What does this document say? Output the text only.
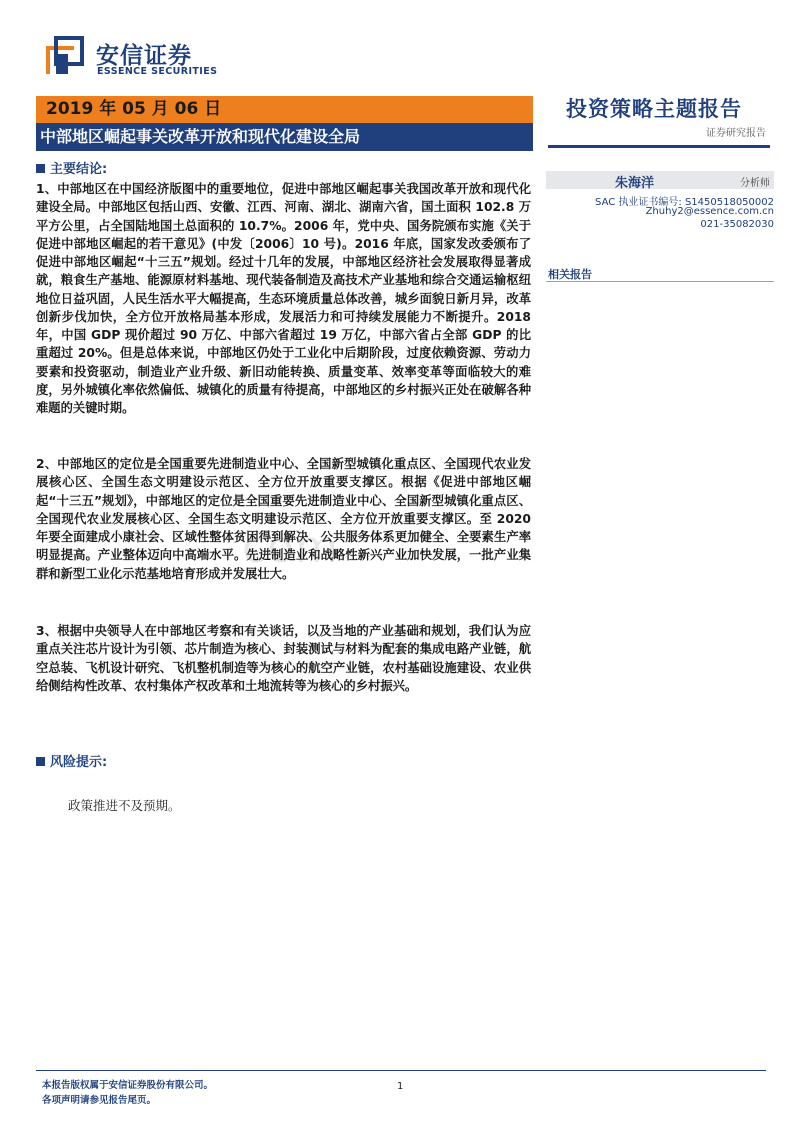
安信证券
ESSENCE SECURITIES
2019 年 05 月 06 日
中部地区崛起事关改革开放和现代化建设全局
投资策略主题报告
证券研究报告
朱海洋	分析师
SAC 执业证书编号: S1450518050002
Zhuhy2@essence.com.cn
021-35082030
相关报告
com
主要结论:
1、中部地区在中国经济版图中的重要地位，促进中部地区崛起事关我国改革开放和现代化建设全局。中部地区包括山西、安徽、江西、河南、湖北、湖南六省，国土面积 102.8 万平方公里，占全国陆地国土总面积的 10.7%。2006 年，党中央、国务院颁布实施《关于促进中部地区崛起的若干意见》(中发〔2006〕10 号)。2016 年底，国家发改委颁布了促进中部地区崛起“十三五”规划。经过十几年的发展，中部地区经济社会发展取得显著成就，粮食生产基地、能源原材料基地、现代装备制造及高技术产业基地和综合交通运输枢纽地位日益巩固，人民生活水平大幅提高，生态环境质量总体改善，城乡面貌日新月异，改革创新步伐加快，全方位开放格局基本形成，发展活力和可持续发展能力不断提升。2018 年，中国 GDP 现价超过 90 万亿、中部六省超过 19 万亿，中部六省占全部 GDP 的比重超过 20%。但是总体来说，中部地区仍处于工业化中后期阶段，过度依赖资源、劳动力要素和投资驱动，制造业产业升级、新旧动能转换、质量变革、效率变革等面临较大的难度，另外城镇化率依然偏低、城镇化的质量有待提高，中部地区的乡村振兴正处在破解各种难题的关键时期。
2、中部地区的定位是全国重要先进制造业中心、全国新型城镇化重点区、全国现代农业发展核心区、全国生态文明建设示范区、全方位开放重要支撑区。根据《促进中部地区崛起“十三五”规划》，中部地区的定位是全国重要先进制造业中心、全国新型城镇化重点区、全国现代农业发展核心区、全国生态文明建设示范区、全方位开放重要支撑区。至 2020 年要全面建成小康社会、区域性整体贫困得到解决、公共服务体系更加健全、全要素生产率明显提高。产业整体迈向中高端水平。先进制造业和战略性新兴产业加快发展，一批产业集群和新型工业化示范基地培育形成并发展壮大。
3、根据中央领导人在中部地区考察和有关谈话，以及当地的产业基础和规划，我们认为应重点关注芯片设计为引领、芯片制造为核心、封装测试与材料为配套的集成电路产业链，航空总装、飞机设计研究、飞机整机制造等为核心的航空产业链，农村基础设施建设、农业供给侧结构性改革、农村集体产权改革和土地流转等为核心的乡村振兴。
风险提示:
政策推进不及预期。
本报告版权属于安信证券股份有限公司。
各项声明请参见报告尾页。
1
